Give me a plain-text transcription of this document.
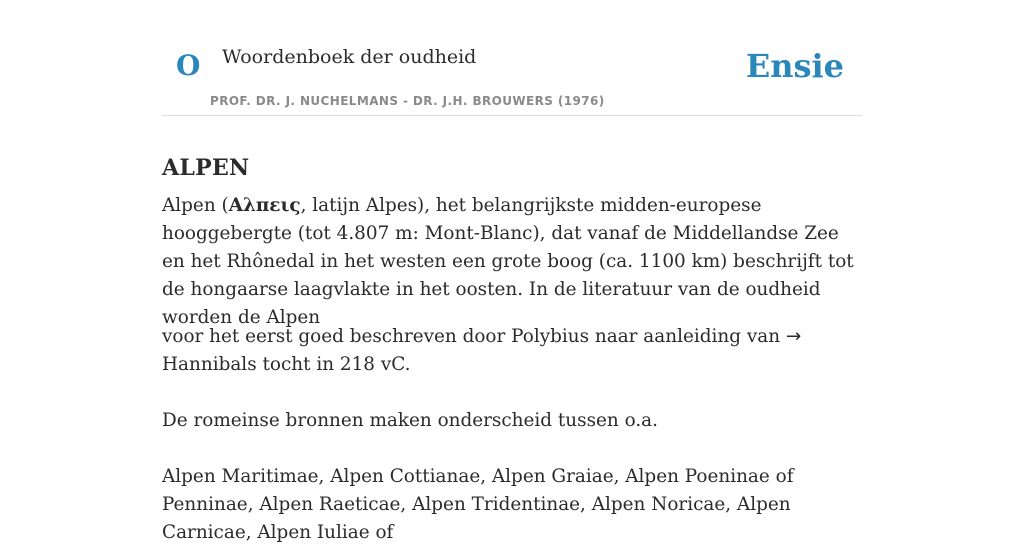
O Woordenboek der oudheid
PROF. DR. J. NUCHELMANS - DR. J.H. BROUWERS (1976)
Ensie
ALPEN

Alpen (Αλπεις, latijn Alpes), het belangrijkste midden-europese hooggebergte (tot 4.807 m: Mont-Blanc), dat vanaf de Middellandse Zee en het Rhônedal in het westen een grote boog (ca. 1100 km) beschrijft tot de hongaarse laagvlakte in het oosten. In de literatuur van de oudheid worden de Alpen

voor het eerst goed beschreven door Polybius naar aanleiding van → Hannibals tocht in 218 vC.

De romeinse bronnen maken onderscheid tussen o.a.

Alpen Maritimae, Alpen Cottianae, Alpen Graiae, Alpen Poeninae of Penninae, Alpen Raeticae, Alpen Tridentinae, Alpen Noricae, Alpen Carnicae, Alpen Iuliae of
